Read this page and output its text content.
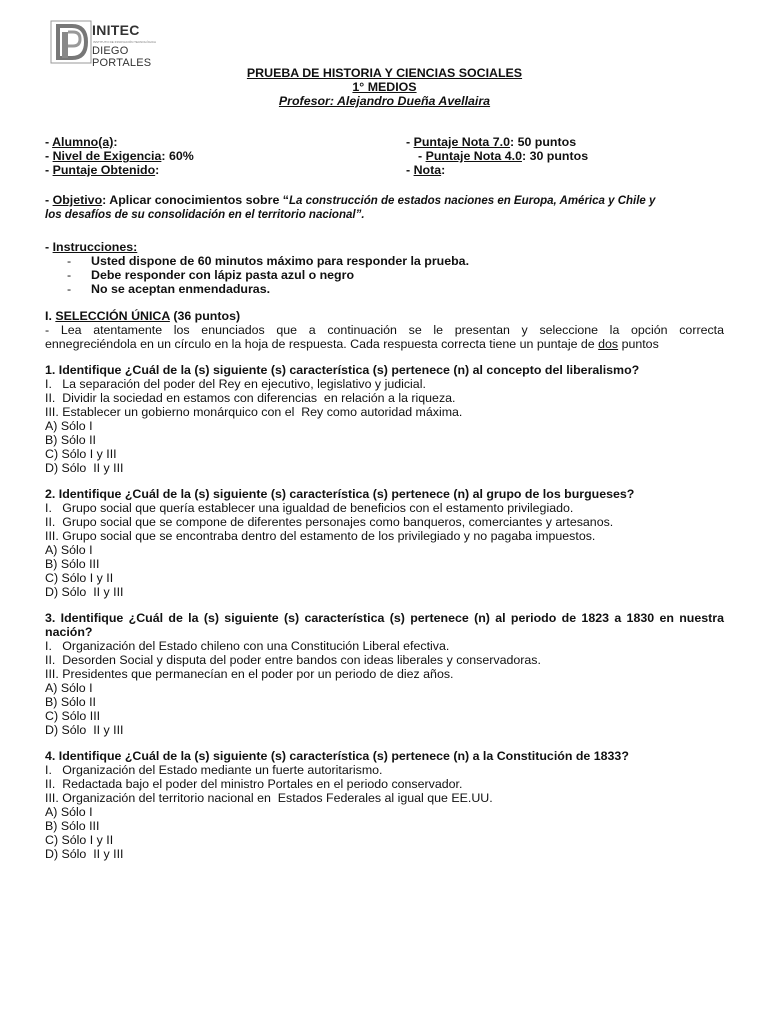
INITEC
INSTITUTO DE INNOVACIÓN TECNOLÓGICA
DIEGO PORTALES
PRUEBA DE HISTORIA Y CIENCIAS SOCIALES
1° MEDIOS
Profesor: Alejandro Dueña Avellaira
- Alumno(a):
- Nivel de Exigencia: 60%
- Puntaje Obtenido:
- Puntaje Nota 7.0: 50 puntos
- Puntaje Nota 4.0: 30 puntos
- Nota:
- Objetivo: Aplicar conocimientos sobre “La construcción de estados naciones en Europa, América y Chile y
los desafíos de su consolidación en el territorio nacional”.
- Instrucciones:
- Usted dispone de 60 minutos máximo para responder la prueba.
- Debe responder con lápiz pasta azul o negro
- No se aceptan enmendaduras.
I. SELECCIÓN ÚNICA (36 puntos)
- Lea atentamente los enunciados que a continuación se le presentan y seleccione la opción correcta
ennegreciéndola en un círculo en la hoja de respuesta. Cada respuesta correcta tiene un puntaje de dos puntos
1. Identifique ¿Cuál de la (s) siguiente (s) característica (s) pertenece (n) al concepto del liberalismo?
I.   La separación del poder del Rey en ejecutivo, legislativo y judicial.
II.  Dividir la sociedad en estamos con diferencias  en relación a la riqueza.
III. Establecer un gobierno monárquico con el  Rey como autoridad máxima.
A) Sólo I
B) Sólo II
C) Sólo I y III
D) Sólo  II y III
2. Identifique ¿Cuál de la (s) siguiente (s) característica (s) pertenece (n) al grupo de los burgueses?
I.   Grupo social que quería establecer una igualdad de beneficios con el estamento privilegiado.
II.  Grupo social que se compone de diferentes personajes como banqueros, comerciantes y artesanos.
III. Grupo social que se encontraba dentro del estamento de los privilegiado y no pagaba impuestos.
A) Sólo I
B) Sólo III
C) Sólo I y II
D) Sólo  II y III
3. Identifique ¿Cuál de la (s) siguiente (s) característica (s) pertenece (n) al periodo de 1823 a 1830 en nuestra nación?
I.   Organización del Estado chileno con una Constitución Liberal efectiva.
II.  Desorden Social y disputa del poder entre bandos con ideas liberales y conservadoras.
III. Presidentes que permanecían en el poder por un periodo de diez años.
A) Sólo I
B) Sólo II
C) Sólo III
D) Sólo  II y III
4. Identifique ¿Cuál de la (s) siguiente (s) característica (s) pertenece (n) a la Constitución de 1833?
I.   Organización del Estado mediante un fuerte autoritarismo.
II.  Redactada bajo el poder del ministro Portales en el periodo conservador.
III. Organización del territorio nacional en  Estados Federales al igual que EE.UU.
A) Sólo I
B) Sólo III
C) Sólo I y II
D) Sólo  II y III
